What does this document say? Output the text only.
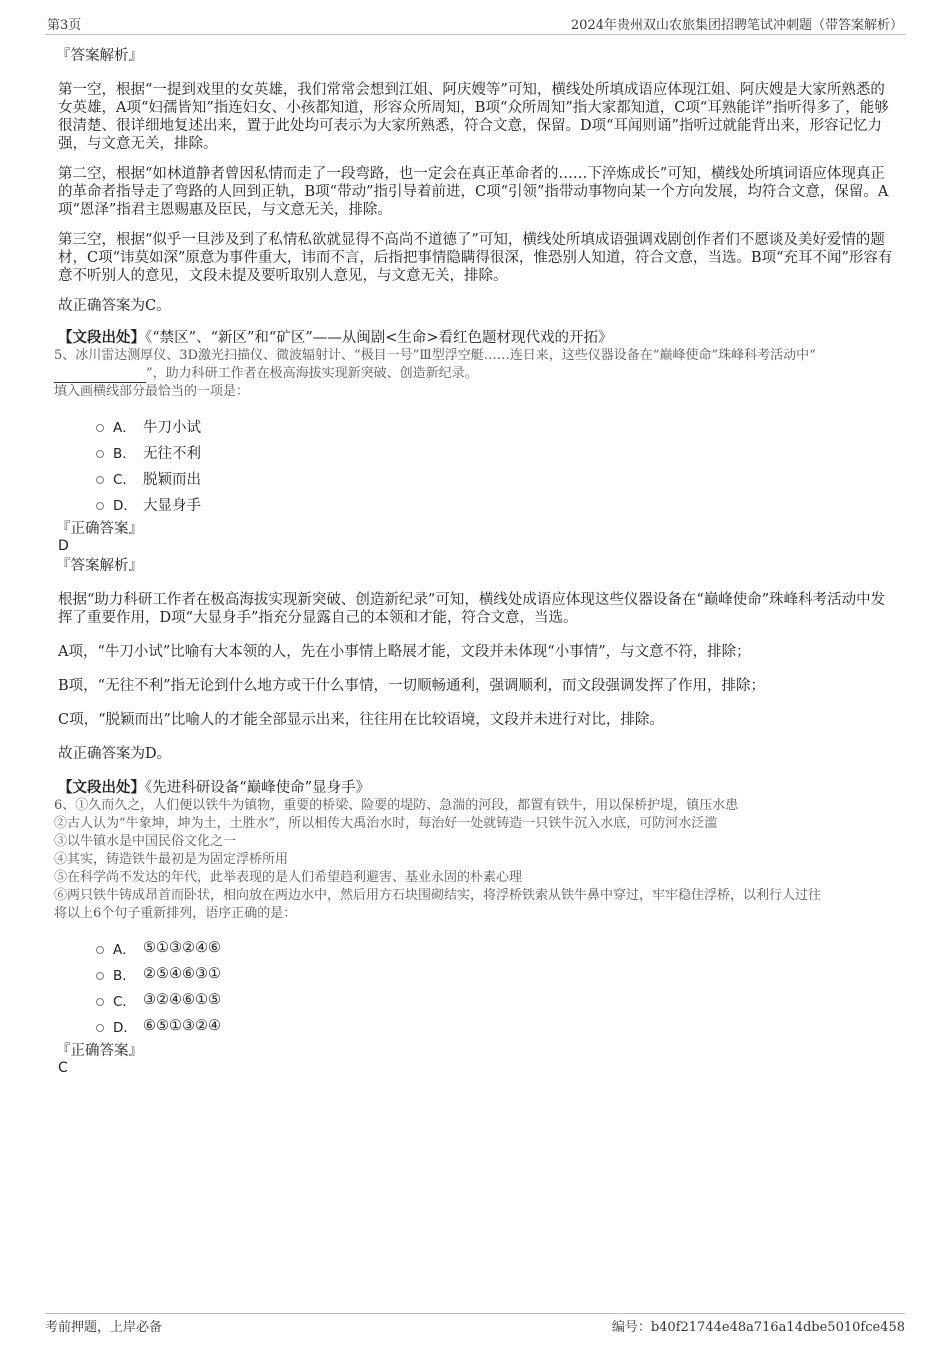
第3页	2024年贵州双山农旅集团招聘笔试冲刺题（带答案解析）

『答案解析』

第一空，根据“一提到戏里的女英雄，我们常常会想到江姐、阿庆嫂等”可知，横线处所填成语应体现江姐、阿庆嫂是大家所熟悉的女英雄，A项“妇孺皆知”指连妇女、小孩都知道，形容众所周知，B项“众所周知”指大家都知道，C项“耳熟能详”指听得多了，能够很清楚、很详细地复述出来，置于此处均可表示为大家所熟悉，符合文意，保留。D项“耳闻则诵”指听过就能背出来，形容记忆力强，与文意无关，排除。

第二空，根据“如林道静者曾因私情而走了一段弯路，也一定会在真正革命者的……下淬炼成长”可知，横线处所填词语应体现真正的革命者指导走了弯路的人回到正轨，B项“带动”指引导着前进，C项“引领”指带动事物向某一个方向发展，均符合文意，保留。A项“恩泽”指君主恩赐惠及臣民，与文意无关，排除。

第三空，根据“似乎一旦涉及到了私情私欲就显得不高尚不道德了”可知，横线处所填成语强调戏剧创作者们不愿谈及美好爱情的题材，C项“讳莫如深”原意为事件重大，讳而不言，后指把事情隐瞒得很深，惟恐别人知道，符合文意，当选。B项“充耳不闻”形容有意不听别人的意见，文段未提及要听取别人意见，与文意无关，排除。

故正确答案为C。

【文段出处】《“禁区”、“新区”和“矿区”——从闽剧<生命>看红色题材现代戏的开拓》

5、冰川雷达测厚仪、3D激光扫描仪、微波辐射计、“极目一号”Ⅲ型浮空艇……连日来，这些仪器设备在“巅峰使命”珠峰科考活动中“
”，助力科研工作者在极高海拔实现新突破、创造新纪录。

填入画横线部分最恰当的一项是：

A． 牛刀小试
B． 无往不利
C． 脱颖而出
D． 大显身手

『正确答案』

D

『答案解析』

根据“助力科研工作者在极高海拔实现新突破、创造新纪录”可知，横线处成语应体现这些仪器设备在“巅峰使命”珠峰科考活动中发挥了重要作用，D项“大显身手”指充分显露自己的本领和才能，符合文意，当选。

A项，“牛刀小试”比喻有大本领的人，先在小事情上略展才能，文段并未体现“小事情”，与文意不符，排除；

B项，“无往不利”指无论到什么地方或干什么事情，一切顺畅通利，强调顺利，而文段强调发挥了作用，排除；

C项，“脱颖而出”比喻人的才能全部显示出来，往往用在比较语境，文段并未进行对比，排除。

故正确答案为D。

【文段出处】《先进科研设备“巅峰使命”显身手》

6、①久而久之，人们便以铁牛为镇物，重要的桥梁、险要的堤防、急湍的河段，都置有铁牛，用以保桥护堤，镇压水患

②古人认为“牛象坤，坤为土，土胜水”，所以相传大禹治水时，每治好一处就铸造一只铁牛沉入水底，可防河水泛滥

③以牛镇水是中国民俗文化之一

④其实，铸造铁牛最初是为固定浮桥所用

⑤在科学尚不发达的年代，此举表现的是人们希望趋利避害、基业永固的朴素心理

⑥两只铁牛铸成昂首而卧状，相向放在两边水中，然后用方石块围砌结实，将浮桥铁索从铁牛鼻中穿过，牢牢稳住浮桥，以利行人过往

将以上6个句子重新排列，语序正确的是：

A． ⑤①③②④⑥
B． ②⑤④⑥③①
C． ③②④⑥①⑤
D． ⑥⑤①③②④

『正确答案』

C

考前押题，上岸必备	编号：b40f21744e48a716a14dbe5010fce458
